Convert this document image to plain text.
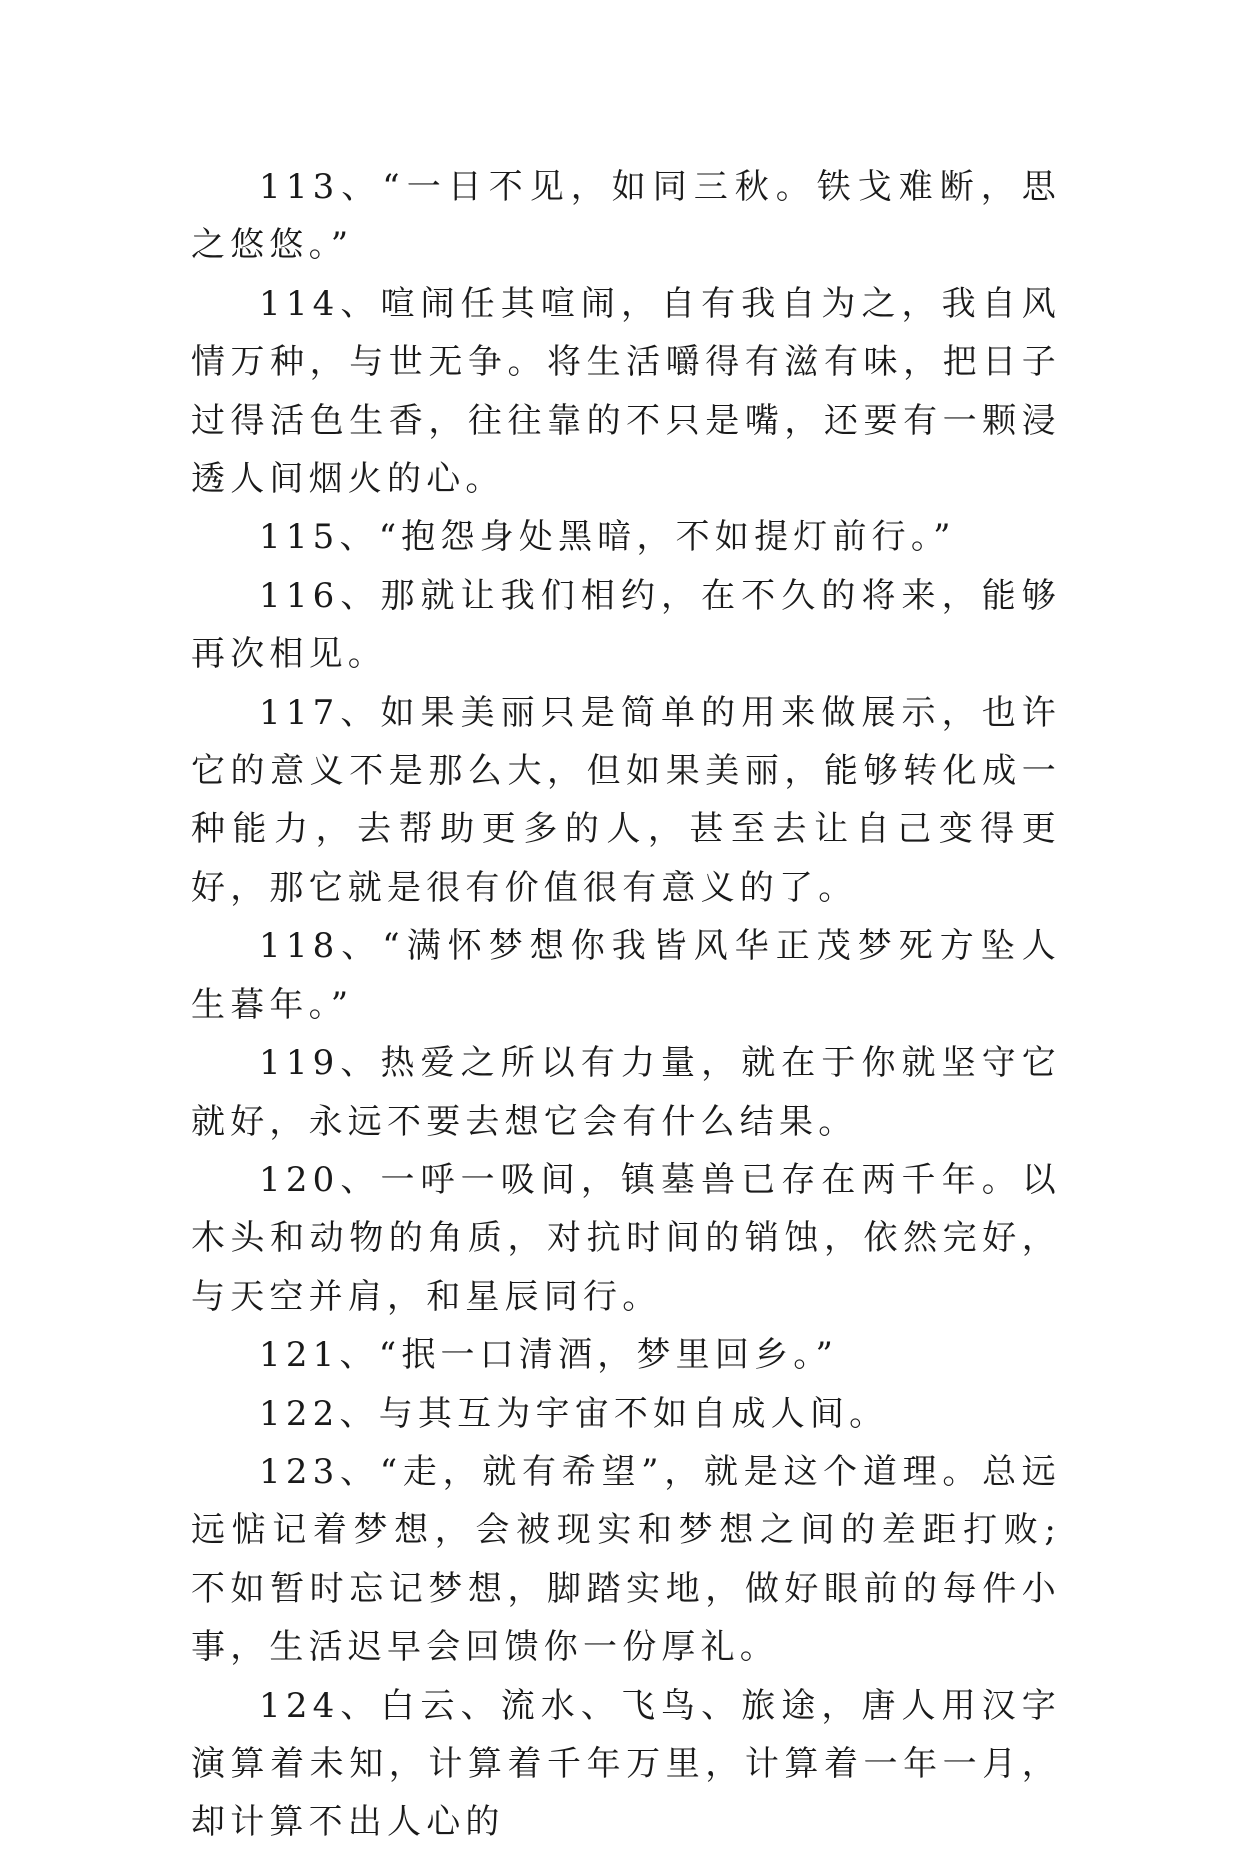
113、“一日不见，如同三秋。铁戈难断，思之悠悠。”

114、喧闹任其喧闹，自有我自为之，我自风情万种，与世无争。将生活嚼得有滋有味，把日子过得活色生香，往往靠的不只是嘴，还要有一颗浸透人间烟火的心。

115、“抱怨身处黑暗，不如提灯前行。”

116、那就让我们相约，在不久的将来，能够再次相见。

117、如果美丽只是简单的用来做展示，也许它的意义不是那么大，但如果美丽，能够转化成一种能力，去帮助更多的人，甚至去让自己变得更好，那它就是很有价值很有意义的了。

118、“满怀梦想你我皆风华正茂梦死方坠人生暮年。”

119、热爱之所以有力量，就在于你就坚守它就好，永远不要去想它会有什么结果。

120、一呼一吸间，镇墓兽已存在两千年。以木头和动物的角质，对抗时间的销蚀，依然完好，与天空并肩，和星辰同行。

121、“抿一口清酒，梦里回乡。”

122、与其互为宇宙不如自成人间。

123、“走，就有希望”，就是这个道理。总远远惦记着梦想，会被现实和梦想之间的差距打败;不如暂时忘记梦想，脚踏实地，做好眼前的每件小事，生活迟早会回馈你一份厚礼。

124、白云、流水、飞鸟、旅途，唐人用汉字演算着未知，计算着千年万里，计算着一年一月，却计算不出人心的
